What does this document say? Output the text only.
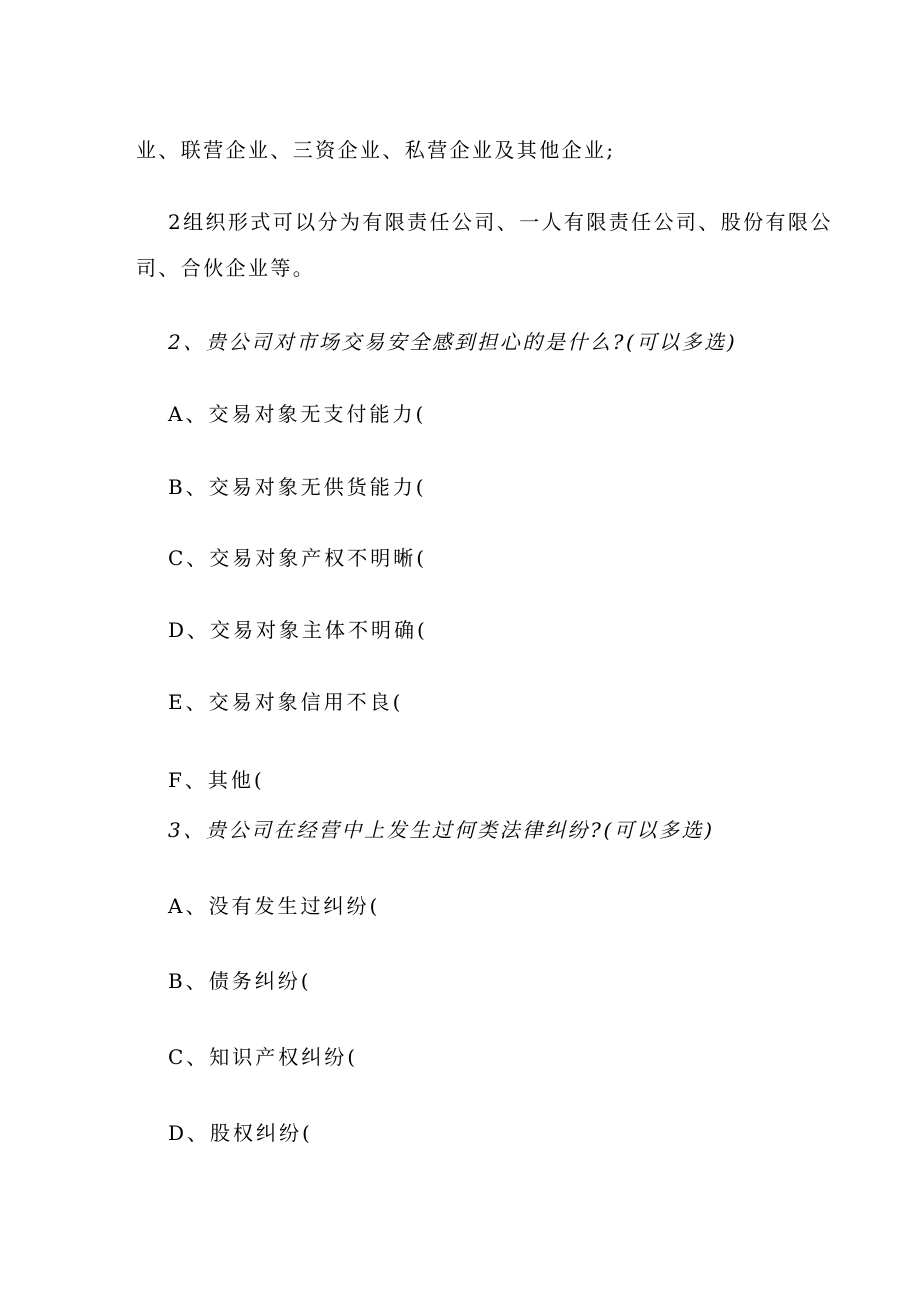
业、联营企业、三资企业、私营企业及其他企业;
2组织形式可以分为有限责任公司、一人有限责任公司、股份有限公
司、合伙企业等。
2、贵公司对市场交易安全感到担心的是什么?(可以多选)
A、交易对象无支付能力(
B、交易对象无供货能力(
C、交易对象产权不明晰(
D、交易对象主体不明确(
E、交易对象信用不良(
F、其他(
3、贵公司在经营中上发生过何类法律纠纷?(可以多选)
A、没有发生过纠纷(
B、债务纠纷(
C、知识产权纠纷(
D、股权纠纷(
